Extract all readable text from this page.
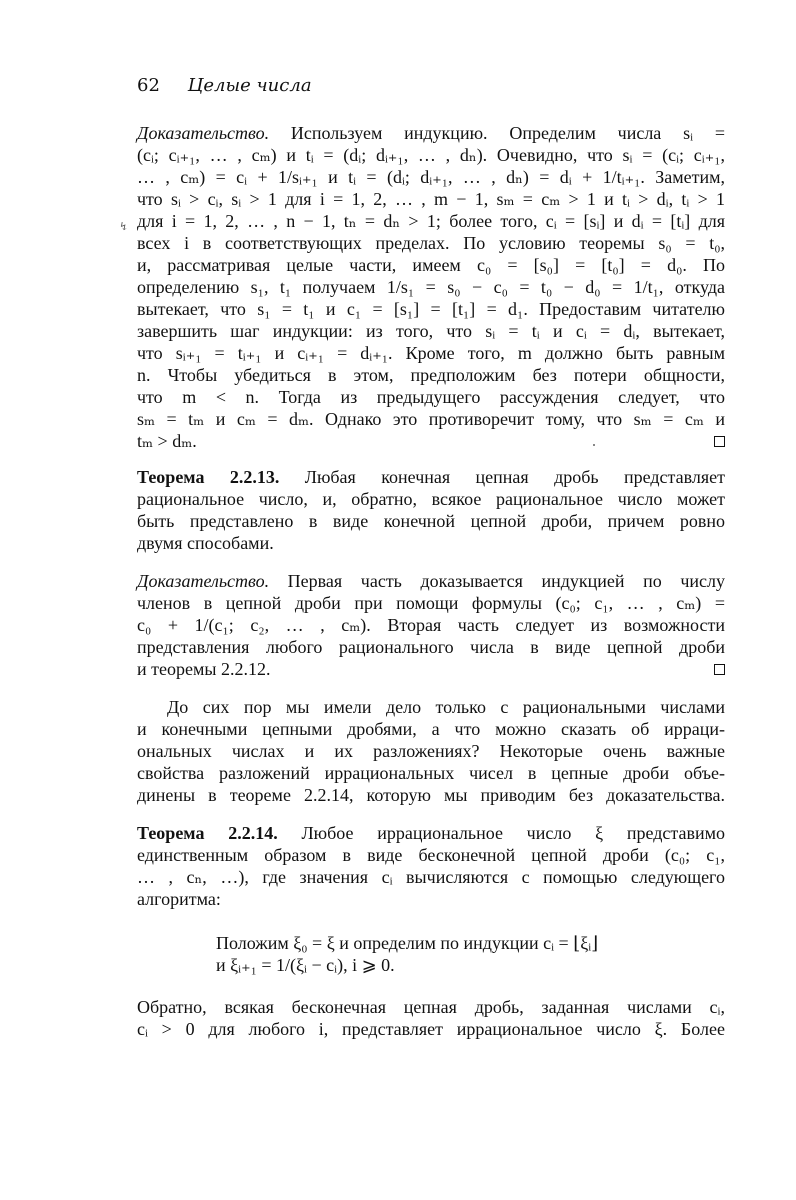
62 Целые числа
↯
Доказательство. Используем индукцию. Определим числа sᵢ =
(cᵢ; cᵢ₊₁, … , cₘ) и tᵢ = (dᵢ; dᵢ₊₁, … , dₙ). Очевидно, что sᵢ = (cᵢ; cᵢ₊₁,
… , cₘ) = cᵢ + 1/sᵢ₊₁ и tᵢ = (dᵢ; dᵢ₊₁, … , dₙ) = dᵢ + 1/tᵢ₊₁. Заметим,
что sᵢ > cᵢ, sᵢ > 1 для i = 1, 2, … , m − 1, sₘ = cₘ > 1 и tᵢ > dᵢ, tᵢ > 1
для i = 1, 2, … , n − 1, tₙ = dₙ > 1; более того, cᵢ = [sᵢ] и dᵢ = [tᵢ] для
всех i в соответствующих пределах. По условию теоремы s₀ = t₀,
и, рассматривая целые части, имеем c₀ = [s₀] = [t₀] = d₀. По
определению s₁, t₁ получаем 1/s₁ = s₀ − c₀ = t₀ − d₀ = 1/t₁, откуда
вытекает, что s₁ = t₁ и c₁ = [s₁] = [t₁] = d₁. Предоставим читателю
завершить шаг индукции: из того, что sᵢ = tᵢ и cᵢ = dᵢ, вытекает,
что sᵢ₊₁ = tᵢ₊₁ и cᵢ₊₁ = dᵢ₊₁. Кроме того, m должно быть равным
n. Чтобы убедиться в этом, предположим без потери общности,
что m < n. Тогда из предыдущего рассуждения следует, что
sₘ = tₘ и cₘ = dₘ. Однако это противоречит тому, что sₘ = cₘ и
tₘ > dₘ.
Теорема 2.2.13. Любая конечная цепная дробь представляет
рациональное число, и, обратно, всякое рациональное число может
быть представлено в виде конечной цепной дроби, причем ровно
двумя способами.
Доказательство. Первая часть доказывается индукцией по числу
членов в цепной дроби при помощи формулы (c₀; c₁, … , cₘ) =
c₀ + 1/(c₁; c₂, … , cₘ). Вторая часть следует из возможности
представления любого рационального числа в виде цепной дроби
и теоремы 2.2.12.
До сих пор мы имели дело только с рациональными числами
и конечными цепными дробями, а что можно сказать об ирраци-
ональных числах и их разложениях? Некоторые очень важные
свойства разложений иррациональных чисел в цепные дроби объе-
динены в теореме 2.2.14, которую мы приводим без доказательства.
Теорема 2.2.14. Любое иррациональное число ξ представимо
единственным образом в виде бесконечной цепной дроби (c₀; c₁,
… , cₙ, …), где значения cᵢ вычисляются с помощью следующего
алгоритма:
Положим ξ₀ = ξ и определим по индукции cᵢ = ⌊ξᵢ⌋
и ξᵢ₊₁ = 1/(ξᵢ − cᵢ), i ⩾ 0.
Обратно, всякая бесконечная цепная дробь, заданная числами cᵢ,
cᵢ > 0 для любого i, представляет иррациональное число ξ. Более
